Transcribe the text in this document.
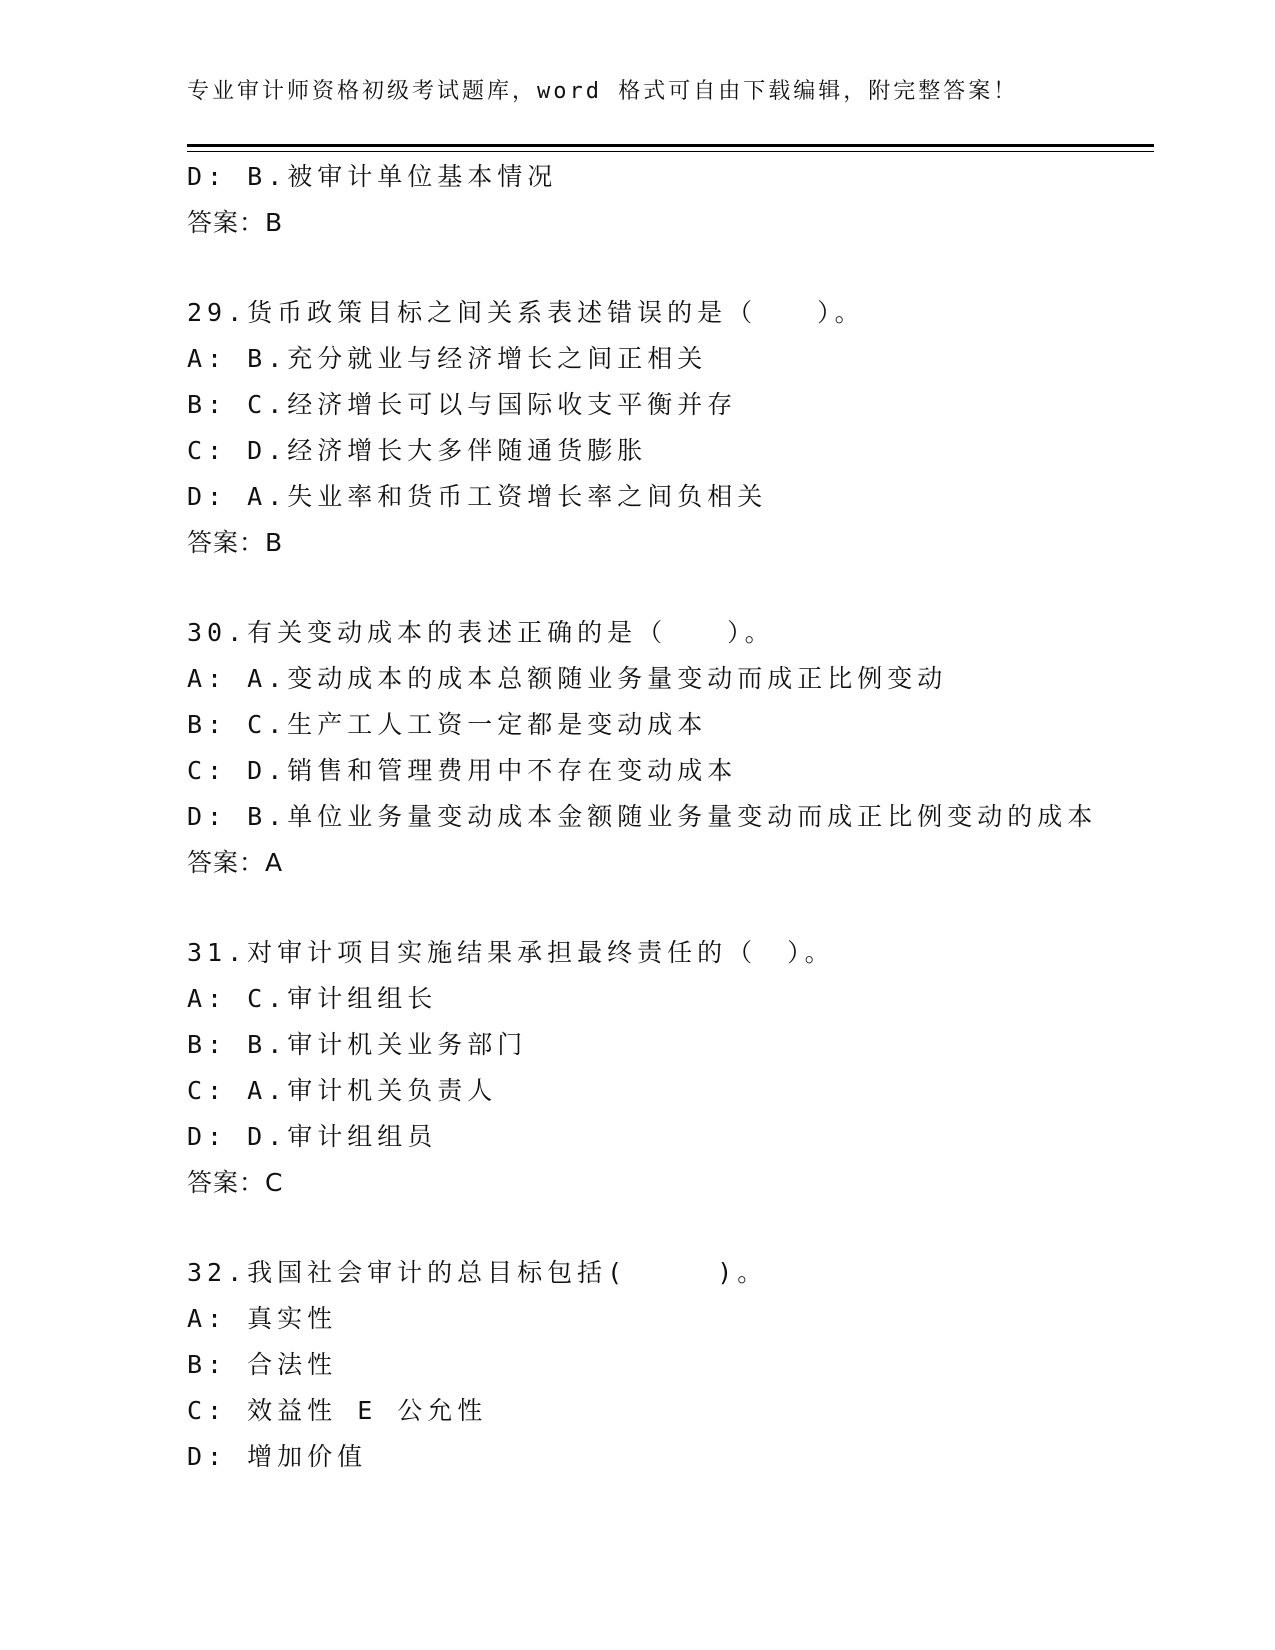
专业审计师资格初级考试题库，word 格式可自由下载编辑，附完整答案！
D: B.被审计单位基本情况
答案：B
29.货币政策目标之间关系表述错误的是（　　）。
A: B.充分就业与经济增长之间正相关
B: C.经济增长可以与国际收支平衡并存
C: D.经济增长大多伴随通货膨胀
D: A.失业率和货币工资增长率之间负相关
答案：B
30.有关变动成本的表述正确的是（　　）。
A: A.变动成本的成本总额随业务量变动而成正比例变动
B: C.生产工人工资一定都是变动成本
C: D.销售和管理费用中不存在变动成本
D: B.单位业务量变动成本金额随业务量变动而成正比例变动的成本
答案：A
31.对审计项目实施结果承担最终责任的（　）。
A: C.审计组组长
B: B.审计机关业务部门
C: A.审计机关负责人
D: D.审计组组员
答案：C
32.我国社会审计的总目标包括(　　　)。
A: 真实性
B: 合法性
C: 效益性 E 公允性
D: 增加价值
